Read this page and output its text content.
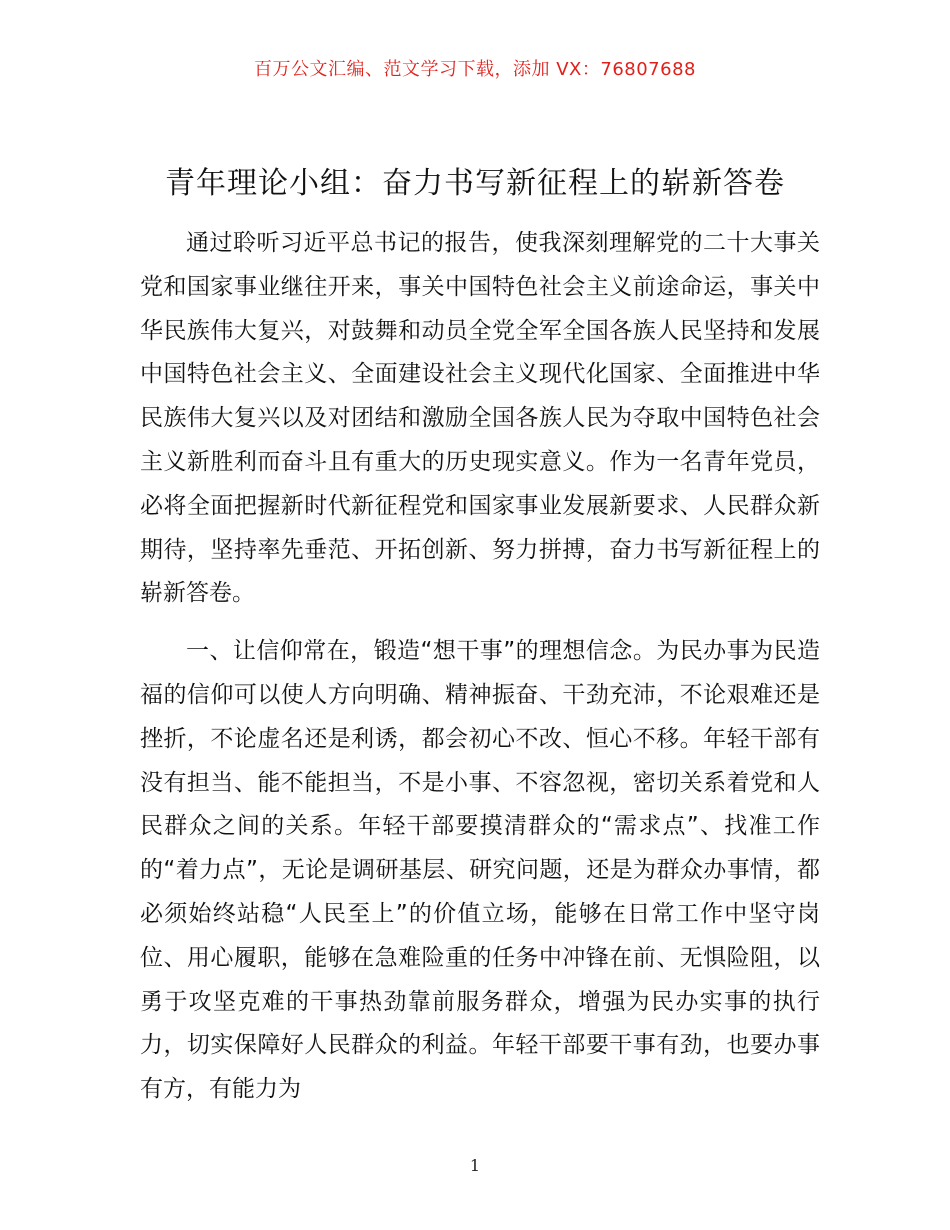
百万公文汇编、范文学习下载，添加 VX：76807688
青年理论小组：奋力书写新征程上的崭新答卷

通过聆听习近平总书记的报告，使我深刻理解党的二十大事关党和国家事业继往开来，事关中国特色社会主义前途命运，事关中华民族伟大复兴，对鼓舞和动员全党全军全国各族人民坚持和发展中国特色社会主义、全面建设社会主义现代化国家、全面推进中华民族伟大复兴以及对团结和激励全国各族人民为夺取中国特色社会主义新胜利而奋斗且有重大的历史现实意义。作为一名青年党员，必将全面把握新时代新征程党和国家事业发展新要求、人民群众新期待，坚持率先垂范、开拓创新、努力拼搏，奋力书写新征程上的崭新答卷。

一、让信仰常在，锻造“想干事”的理想信念。为民办事为民造福的信仰可以使人方向明确、精神振奋、干劲充沛，不论艰难还是挫折，不论虚名还是利诱，都会初心不改、恒心不移。年轻干部有没有担当、能不能担当，不是小事、不容忽视，密切关系着党和人民群众之间的关系。年轻干部要摸清群众的“需求点”、找准工作的“着力点”，无论是调研基层、研究问题，还是为群众办事情，都必须始终站稳“人民至上”的价值立场，能够在日常工作中坚守岗位、用心履职，能够在急难险重的任务中冲锋在前、无惧险阻，以勇于攻坚克难的干事热劲靠前服务群众，增强为民办实事的执行力，切实保障好人民群众的利益。年轻干部要干事有劲，也要办事有方，有能力为

1
